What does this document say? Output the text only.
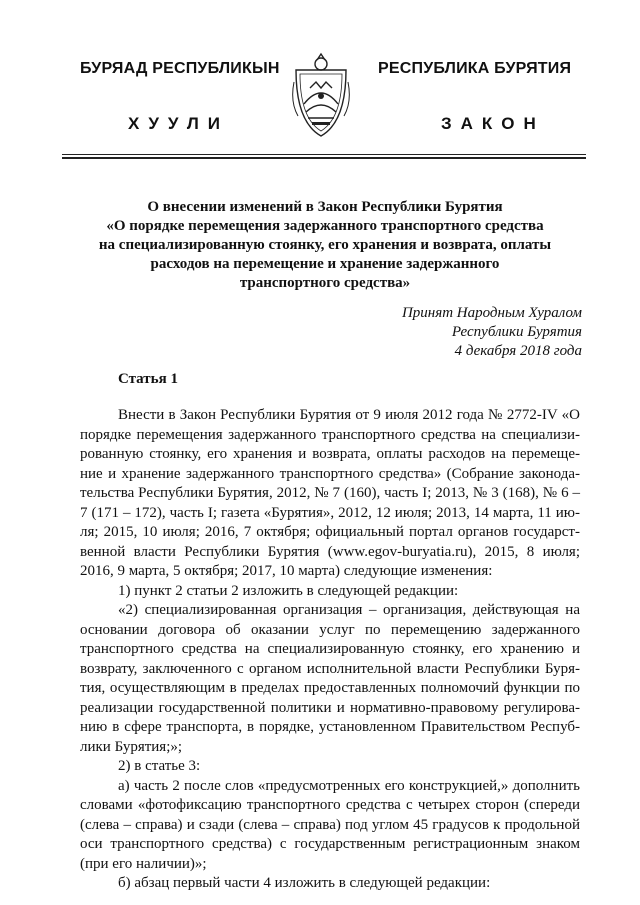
БУРЯАД РЕСПУБЛИКЫН	РЕСПУБЛИКА БУРЯТИЯ
ХУУЛИ	ЗАКОН
О внесении изменений в Закон Республики Бурятия
«О порядке перемещения задержанного транспортного средства
на специализированную стоянку, его хранения и возврата, оплаты
расходов на перемещение и хранение задержанного
транспортного средства»
Принят Народным Хуралом
Республики Бурятия
4 декабря 2018 года
Статья 1
Внести в Закон Республики Бурятия от 9 июля 2012 года № 2772-IV «О
порядке перемещения задержанного транспортного средства на специализи-
рованную стоянку, его хранения и возврата, оплаты расходов на перемеще-
ние и хранение задержанного транспортного средства» (Собрание законода-
тельства Республики Бурятия, 2012, № 7 (160), часть I; 2013, № 3 (168), № 6 –
7 (171 – 172), часть I; газета «Бурятия», 2012, 12 июля; 2013, 14 марта, 11 ию-
ля; 2015, 10 июля; 2016, 7 октября; официальный портал органов государст-
венной власти Республики Бурятия (www.egov-buryatia.ru), 2015, 8 июля;
2016, 9 марта, 5 октября; 2017, 10 марта) следующие изменения:
1) пункт 2 статьи 2 изложить в следующей редакции:
«2) специализированная организация – организация, действующая на
основании договора об оказании услуг по перемещению задержанного
транспортного средства на специализированную стоянку, его хранению и
возврату, заключенного с органом исполнительной власти Республики Буря-
тия, осуществляющим в пределах предоставленных полномочий функции по
реализации государственной политики и нормативно-правовому регулирова-
нию в сфере транспорта, в порядке, установленном Правительством Респуб-
лики Бурятия;»;
2) в статье 3:
а) часть 2 после слов «предусмотренных его конструкцией,» дополнить
словами «фотофиксацию транспортного средства с четырех сторон (спереди
(слева – справа) и сзади (слева – справа) под углом 45 градусов к продольной
оси транспортного средства) с государственным регистрационным знаком
(при его наличии)»;
б) абзац первый части 4 изложить в следующей редакции:
